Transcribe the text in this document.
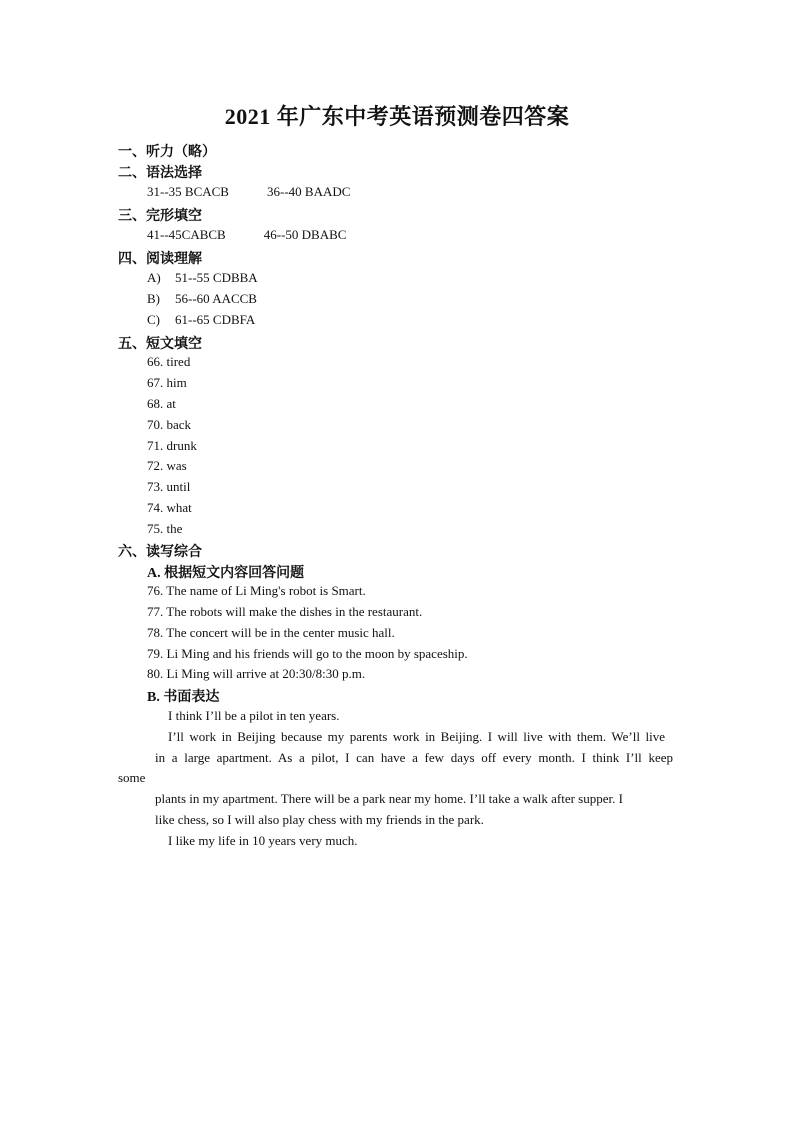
2021 年广东中考英语预测卷四答案
一、听力（略）
二、语法选择
31--35 BCACB	36--40 BAADC
三、完形填空
41--45CABCB	46--50 DBABC
四、阅读理解
A) 51--55 CDBBA
B) 56--60 AACCB
C) 61--65 CDBFA
五、短文填空
66. tired
67. him
68. at
70. back
71. drunk
72. was
73. until
74. what
75. the
六、读写综合
A. 根据短文内容回答问题
76. The name of Li Ming's robot is Smart.
77. The robots will make the dishes in the restaurant.
78. The concert will be in the center music hall.
79. Li Ming and his friends will go to the moon by spaceship.
80. Li Ming will arrive at 20:30/8:30 p.m.
B. 书面表达
I think I’ll be a pilot in ten years.
I’ll work in Beijing because my parents work in Beijing. I will live with them. We’ll live
in a large apartment. As a pilot, I can have a few days off every month. I think I’ll keep
some
plants in my apartment. There will be a park near my home. I’ll take a walk after supper. I
like chess, so I will also play chess with my friends in the park.
I like my life in 10 years very much.
